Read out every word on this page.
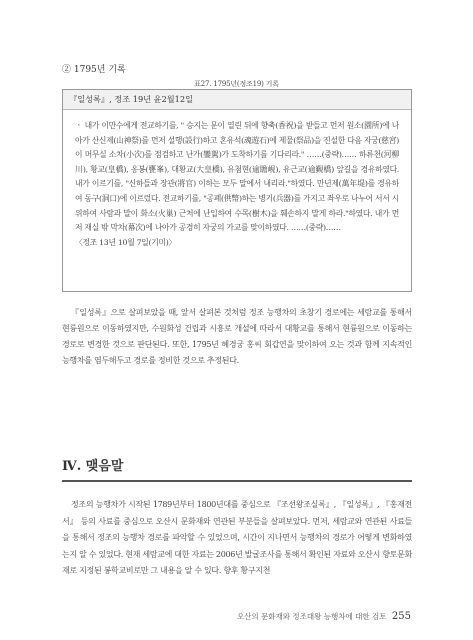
② 1795년 기록
표27. 1795년(정조19) 기록
『일성록』, 정조 19년 윤2월12일

ㆍ 내가 이만수에게 전교하기를, " 승지는 문이 열린 뒤에 향축(香祝)을 받들고 먼저 원소(園所)에 나아가 산신제(山神祭)를 먼저 설행(設行)하고 혼유석(魂遊石)에 제물(祭品)을 진설한 다음 자궁(慈宮)이 머무실 소차(小次)를 점검하고 난가(鑾駕)가 도착하기를 기다리라." ……(중략)…… 하류천(河柳川), 황교(皇橋), 옹봉(甕峯), 대황교(大皇橋), 유첨현(逾瞻峴), 유근교(逾覲橋) 앞길을 경유하였다. 내가 이르기를, "신하들과 장관(將官) 이하는 모두 말에서 내리라."하였다. 만년제(萬年堤)를 경유하여 동구(洞口)에 이르렀다. 전교하기를, "공폐(供幣)하는 병기(兵器)를 가지고 좌우로 나누어 서서 시위하여 사람과 말이 화소(火巢) 근처에 난입하여 수목(樹木)을 훼손하지 말게 하라."하였다. 내가 먼저 재실 밖 막차(幕次)에 나아가 공경히 자궁의 가교를 맞이하였다. ……(중략)……

〈정조 13년 10월 7일(기미)〉

『일성록』으로 살펴보았을 때, 앞서 살펴본 것처럼 정조 능행차의 초창기 경로에는 세람교를 통해서 현륭원으로 이동하였지만, 수원화성 건립과 시흥로 개설에 따라서 대황교를 통해서 현륭원으로 이동하는 경로로 변경한 것으로 판단된다. 또한, 1795년 혜경궁 홍씨 회갑연을 맞이하여 오는 것과 함께 지속적인 능행차를 염두해두고 경로를 정비한 것으로 추정된다.

Ⅳ. 맺음말

정조의 능행차가 시작된 1789년부터 1800년대를 중심으로 『조선왕조실록』, 『일성록』, 『홍재전서』 등의 사료를 중심으로 오산시 문화재와 연관된 부분들을 살펴보았다. 먼저, 세람교와 연관된 사료들을 통해서 정조의 능행차 경로를 파악할 수 있었으며, 시간이 지나면서 능행차의 경로가 어떻게 변화하였는지 알 수 있었다. 현재 세람교에 대한 자료는 2006년 발굴조사를 통해서 확인된 자료와 오산시 향토문화재로 지정된 봉학교비로만 그 내용을 알 수 있다. 향후 황구지천

오산의 문화재와 정조대왕 능행차에 대한 검토 255
